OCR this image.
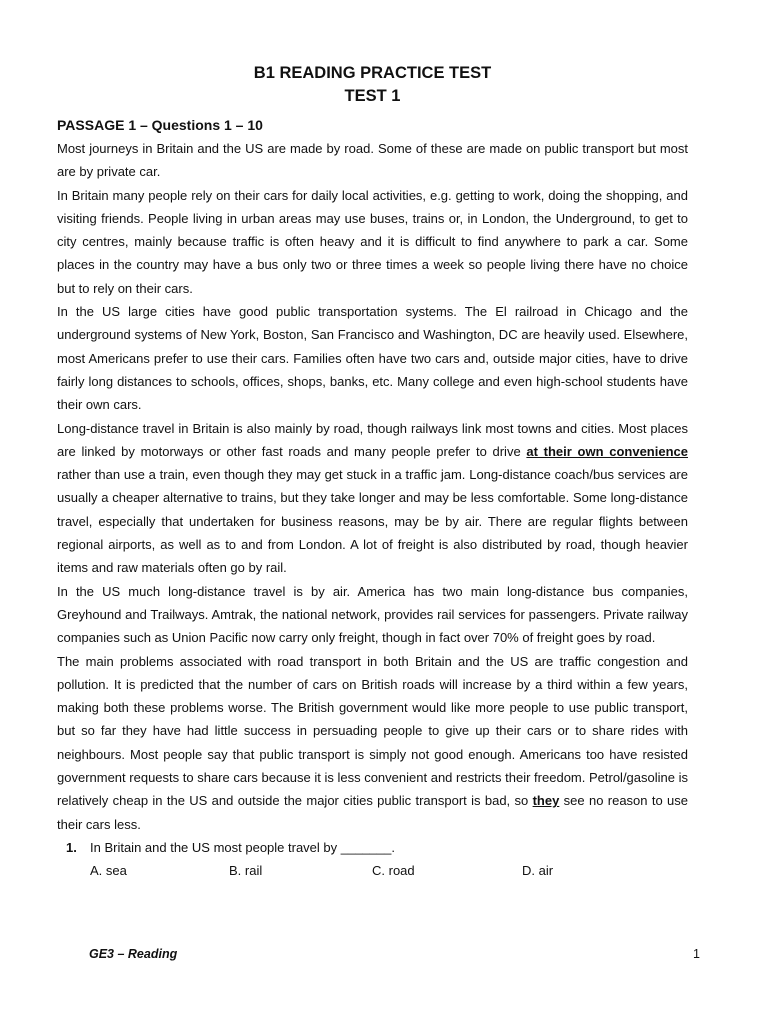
B1 READING PRACTICE TEST

TEST 1

PASSAGE 1 – Questions 1 – 10

Most journeys in Britain and the US are made by road. Some of these are made on public transport but most are by private car.

In Britain many people rely on their cars for daily local activities, e.g. getting to work, doing the shopping, and visiting friends. People living in urban areas may use buses, trains or, in London, the Underground, to get to city centres, mainly because traffic is often heavy and it is difficult to find anywhere to park a car. Some places in the country may have a bus only two or three times a week so people living there have no choice but to rely on their cars.

In the US large cities have good public transportation systems. The El railroad in Chicago and the underground systems of New York, Boston, San Francisco and Washington, DC are heavily used. Elsewhere, most Americans prefer to use their cars. Families often have two cars and, outside major cities, have to drive fairly long distances to schools, offices, shops, banks, etc. Many college and even high-school students have their own cars.

Long-distance travel in Britain is also mainly by road, though railways link most towns and cities. Most places are linked by motorways or other fast roads and many people prefer to drive at their own convenience rather than use a train, even though they may get stuck in a traffic jam. Long-distance coach/bus services are usually a cheaper alternative to trains, but they take longer and may be less comfortable. Some long-distance travel, especially that undertaken for business reasons, may be by air. There are regular flights between regional airports, as well as to and from London. A lot of freight is also distributed by road, though heavier items and raw materials often go by rail.

In the US much long-distance travel is by air. America has two main long-distance bus companies, Greyhound and Trailways. Amtrak, the national network, provides rail services for passengers. Private railway companies such as Union Pacific now carry only freight, though in fact over 70% of freight goes by road.

The main problems associated with road transport in both Britain and the US are traffic congestion and pollution. It is predicted that the number of cars on British roads will increase by a third within a few years, making both these problems worse. The British government would like more people to use public transport, but so far they have had little success in persuading people to give up their cars or to share rides with neighbours. Most people say that public transport is simply not good enough. Americans too have resisted government requests to share cars because it is less convenient and restricts their freedom. Petrol/gasoline is relatively cheap in the US and outside the major cities public transport is bad, so they see no reason to use their cars less.

1.	In Britain and the US most people travel by _______.
A. sea	B. rail	C. road	D. air
GE3 – Reading	1
